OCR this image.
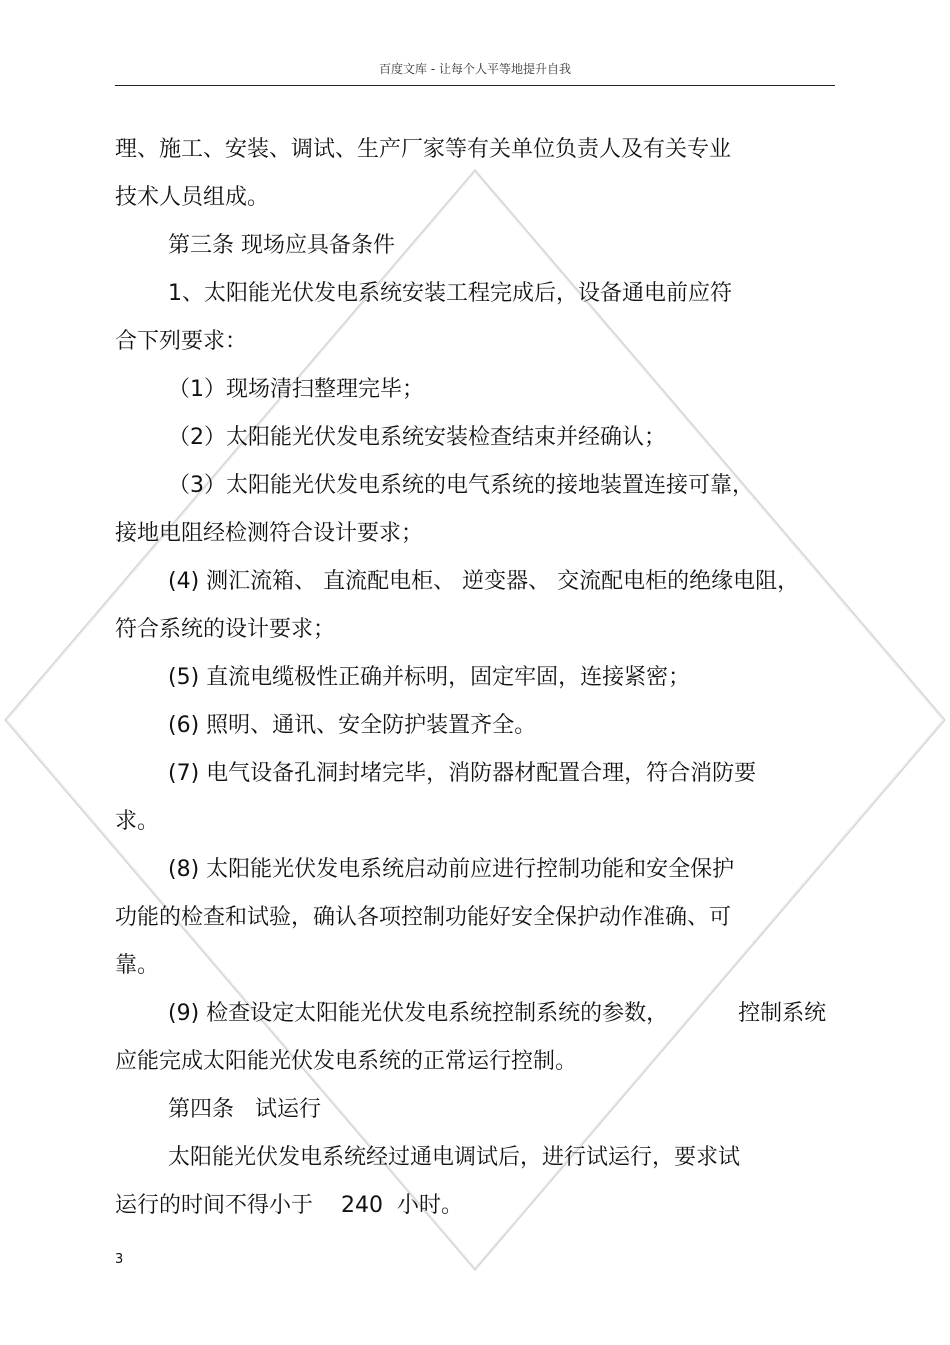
百度文库 - 让每个人平等地提升自我
理、施工、安装、调试、生产厂家等有关单位负责人及有关专业
技术人员组成。
第三条 现场应具备条件
1、太阳能光伏发电系统安装工程完成后，设备通电前应符
合下列要求：
（1）现场清扫整理完毕；
（2）太阳能光伏发电系统安装检查结束并经确认；
（3）太阳能光伏发电系统的电气系统的接地装置连接可靠，
接地电阻经检测符合设计要求；
(4) 测汇流箱、 直流配电柜、 逆变器、 交流配电柜的绝缘电阻，
符合系统的设计要求；
(5) 直流电缆极性正确并标明，固定牢固，连接紧密；
(6) 照明、通讯、安全防护装置齐全。
(7) 电气设备孔洞封堵完毕，消防器材配置合理，符合消防要
求。
(8) 太阳能光伏发电系统启动前应进行控制功能和安全保护
功能的检查和试验，确认各项控制功能好安全保护动作准确、可
靠。
(9) 检查设定太阳能光伏发电系统控制系统的参数，          控制系统
应能完成太阳能光伏发电系统的正常运行控制。
第四条   试运行
太阳能光伏发电系统经过通电调试后，进行试运行，要求试
运行的时间不得小于    240  小时。
3
